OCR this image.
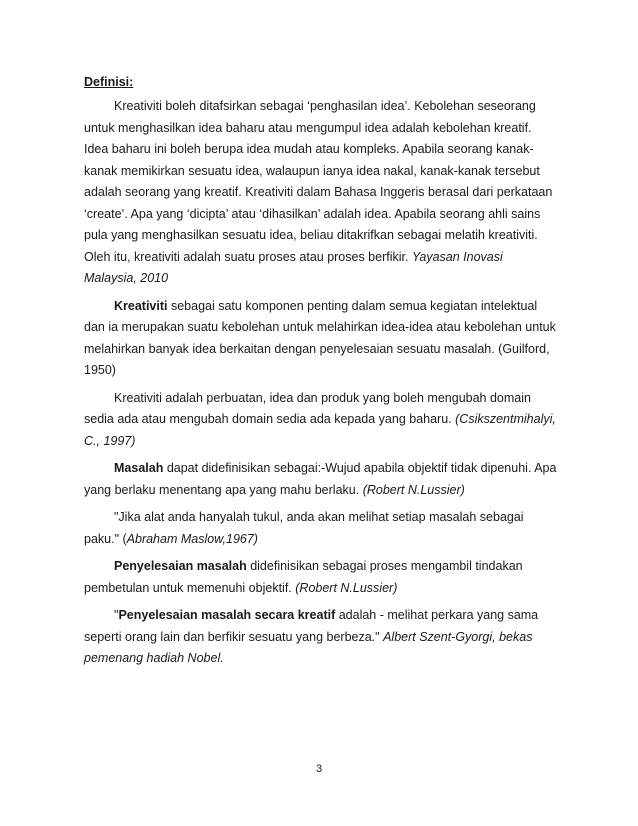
Definisi:

Kreativiti boleh ditafsirkan sebagai ‘penghasilan idea’. Kebolehan seseorang untuk menghasilkan idea baharu atau mengumpul idea adalah kebolehan kreatif. Idea baharu ini boleh berupa idea mudah atau kompleks. Apabila seorang kanak-kanak memikirkan sesuatu idea, walaupun ianya idea nakal, kanak-kanak tersebut adalah seorang yang kreatif. Kreativiti dalam Bahasa Inggeris berasal dari perkataan ‘create’. Apa yang ‘dicipta’ atau ‘dihasilkan’ adalah idea. Apabila seorang ahli sains pula yang menghasilkan sesuatu idea, beliau ditakrifkan sebagai melatih kreativiti. Oleh itu, kreativiti adalah suatu proses atau proses berfikir. Yayasan Inovasi Malaysia, 2010

Kreativiti sebagai satu komponen penting dalam semua kegiatan intelektual dan ia merupakan suatu kebolehan untuk melahirkan idea-idea atau kebolehan untuk melahirkan banyak idea berkaitan dengan penyelesaian sesuatu masalah. (Guilford, 1950)

Kreativiti adalah perbuatan, idea dan produk yang boleh mengubah domain sedia ada atau mengubah domain sedia ada kepada yang baharu. (Csikszentmihalyi, C., 1997)

Masalah dapat didefinisikan sebagai:-Wujud apabila objektif tidak dipenuhi. Apa yang berlaku menentang apa yang mahu berlaku. (Robert N.Lussier)

"Jika alat anda hanyalah tukul, anda akan melihat setiap masalah sebagai paku." (Abraham Maslow,1967)

Penyelesaian masalah didefinisikan sebagai proses mengambil tindakan pembetulan untuk memenuhi objektif. (Robert N.Lussier)

"Penyelesaian masalah secara kreatif adalah - melihat perkara yang sama seperti orang lain dan berfikir sesuatu yang berbeza." Albert Szent-Gyorgi, bekas pemenang hadiah Nobel.

3
